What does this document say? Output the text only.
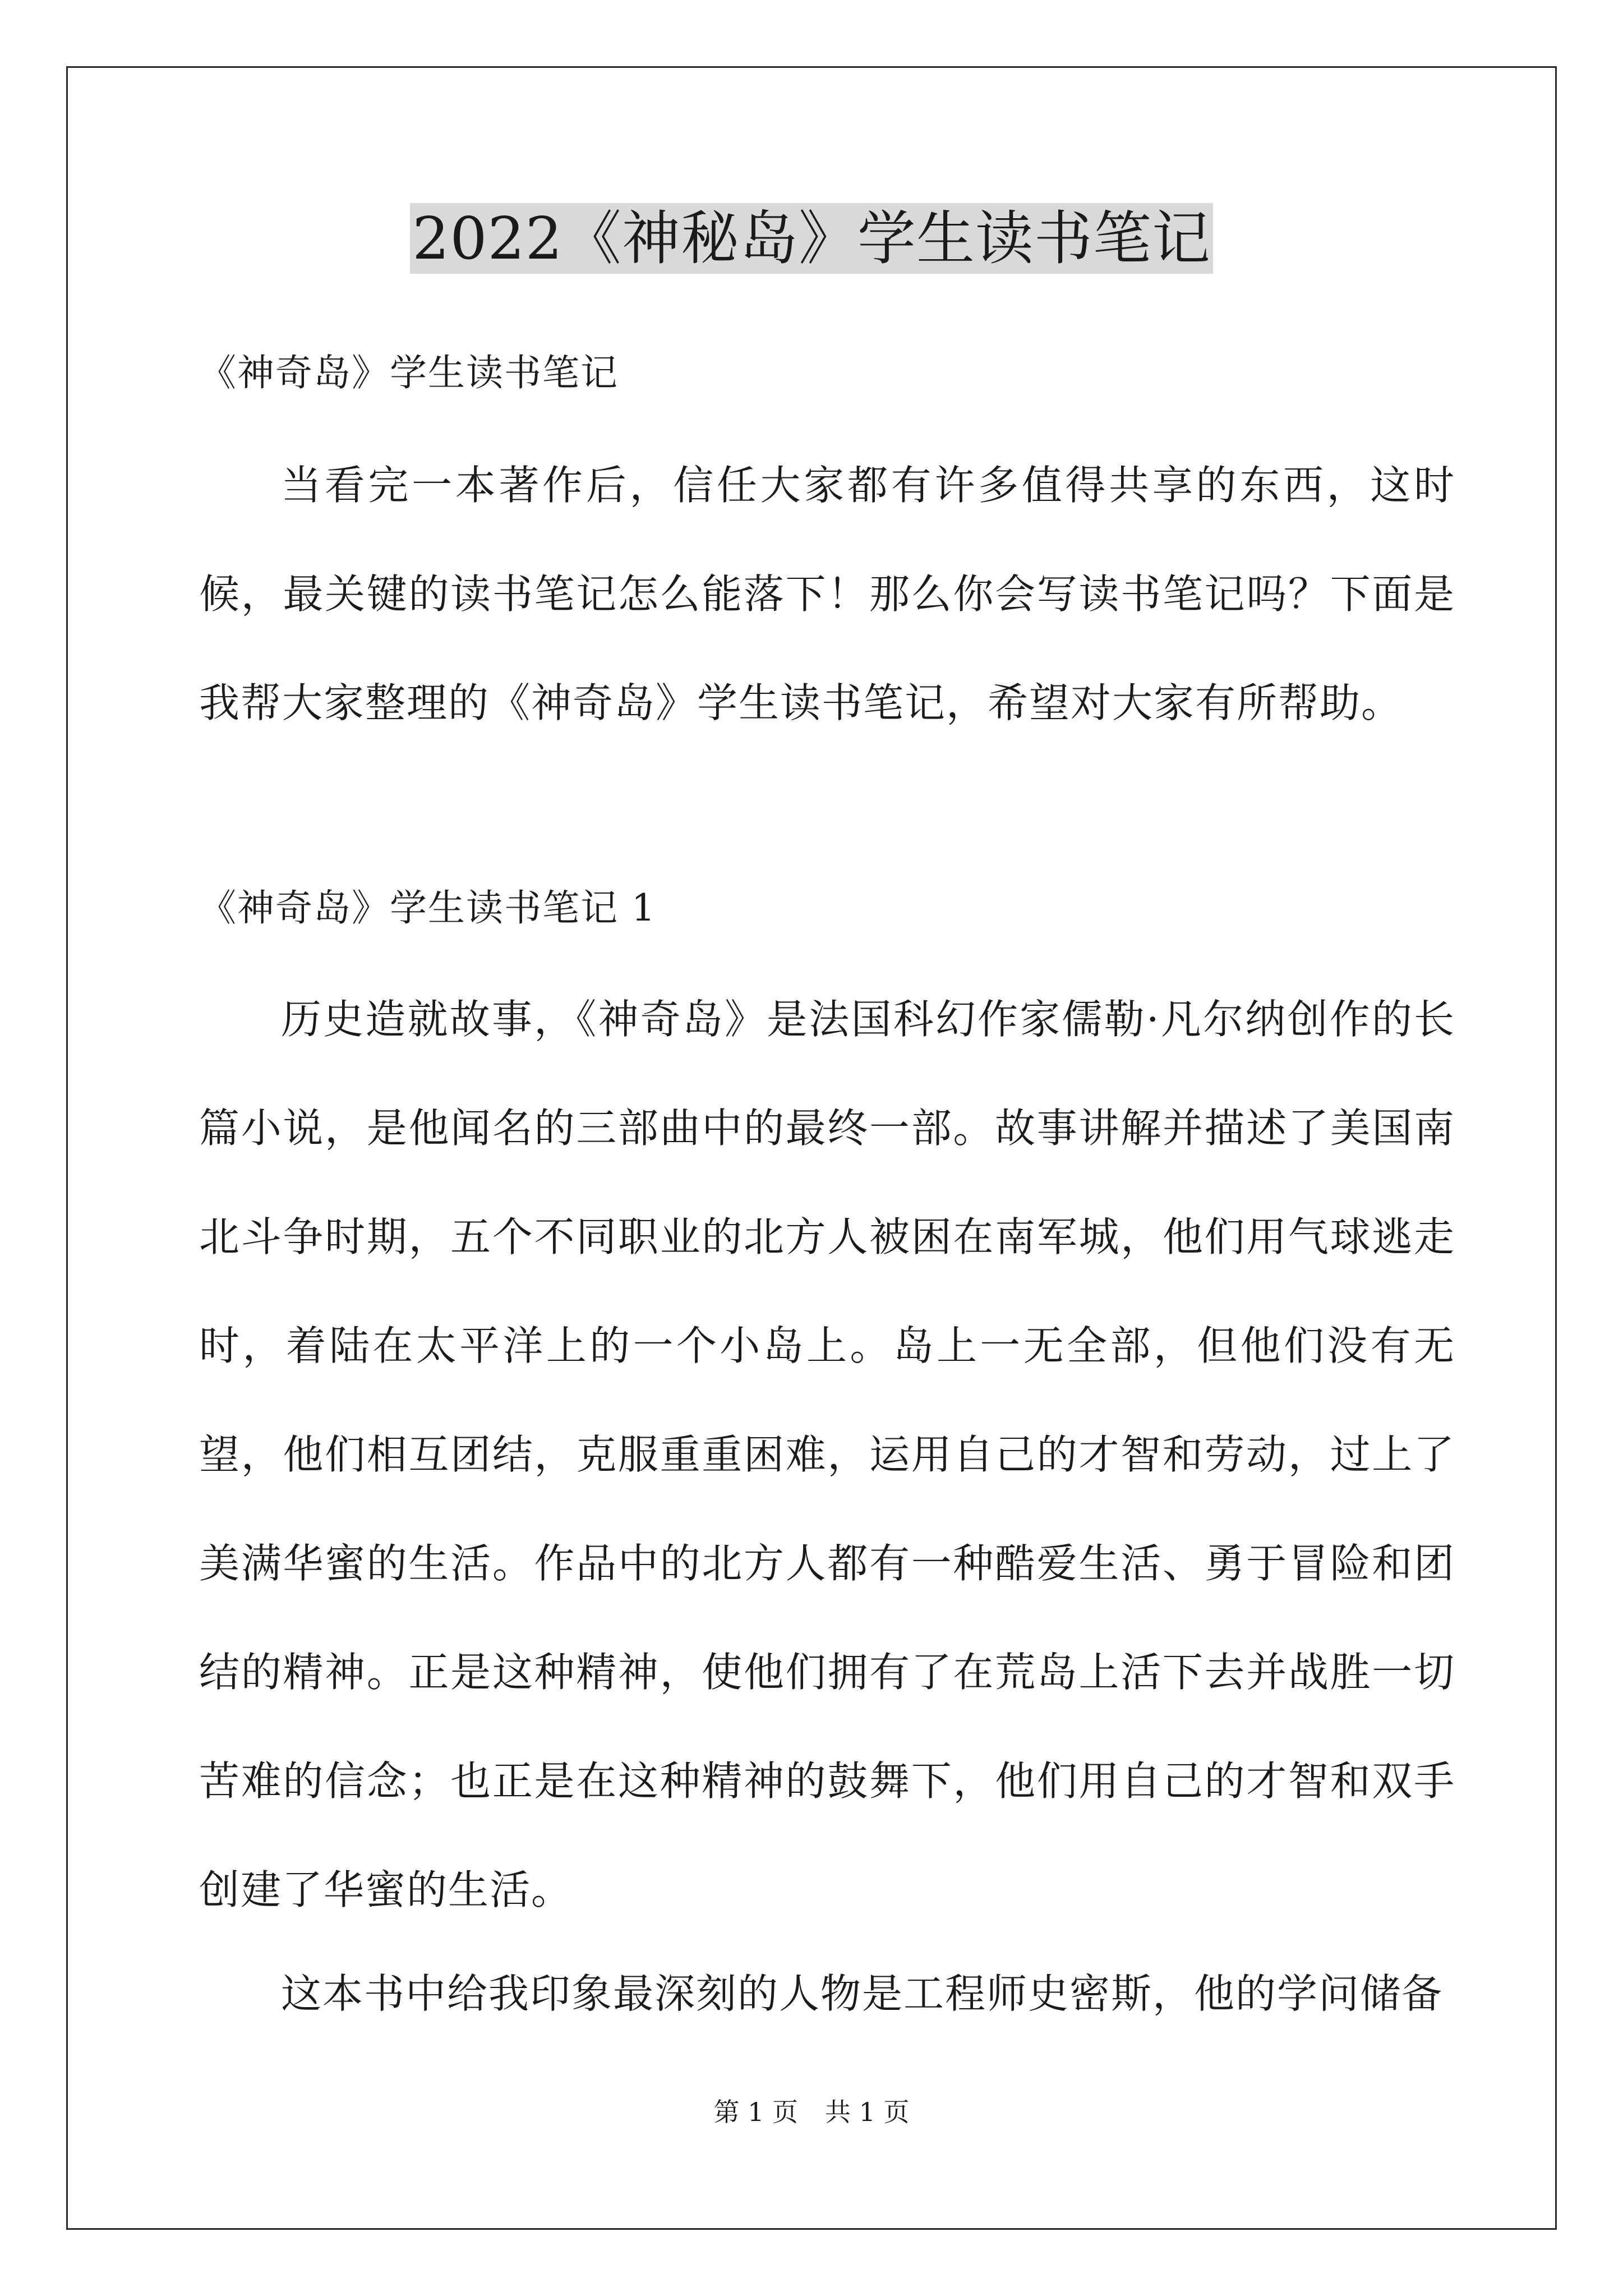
2022《神秘岛》学生读书笔记
《神奇岛》学生读书笔记

当看完一本著作后，信任大家都有许多值得共享的东西，这时候，最关键的读书笔记怎么能落下！那么你会写读书笔记吗？下面是我帮大家整理的《神奇岛》学生读书笔记，希望对大家有所帮助。

《神奇岛》学生读书笔记 1

历史造就故事，《神奇岛》是法国科幻作家儒勒·凡尔纳创作的长篇小说，是他闻名的三部曲中的最终一部。故事讲解并描述了美国南北斗争时期，五个不同职业的北方人被困在南军城，他们用气球逃走时，着陆在太平洋上的一个小岛上。岛上一无全部，但他们没有无望，他们相互团结，克服重重困难，运用自己的才智和劳动，过上了美满华蜜的生活。作品中的北方人都有一种酷爱生活、勇于冒险和团结的精神。正是这种精神，使他们拥有了在荒岛上活下去并战胜一切苦难的信念；也正是在这种精神的鼓舞下，他们用自己的才智和双手创建了华蜜的生活。

这本书中给我印象最深刻的人物是工程师史密斯，他的学问储备

第 1 页 共 1 页
